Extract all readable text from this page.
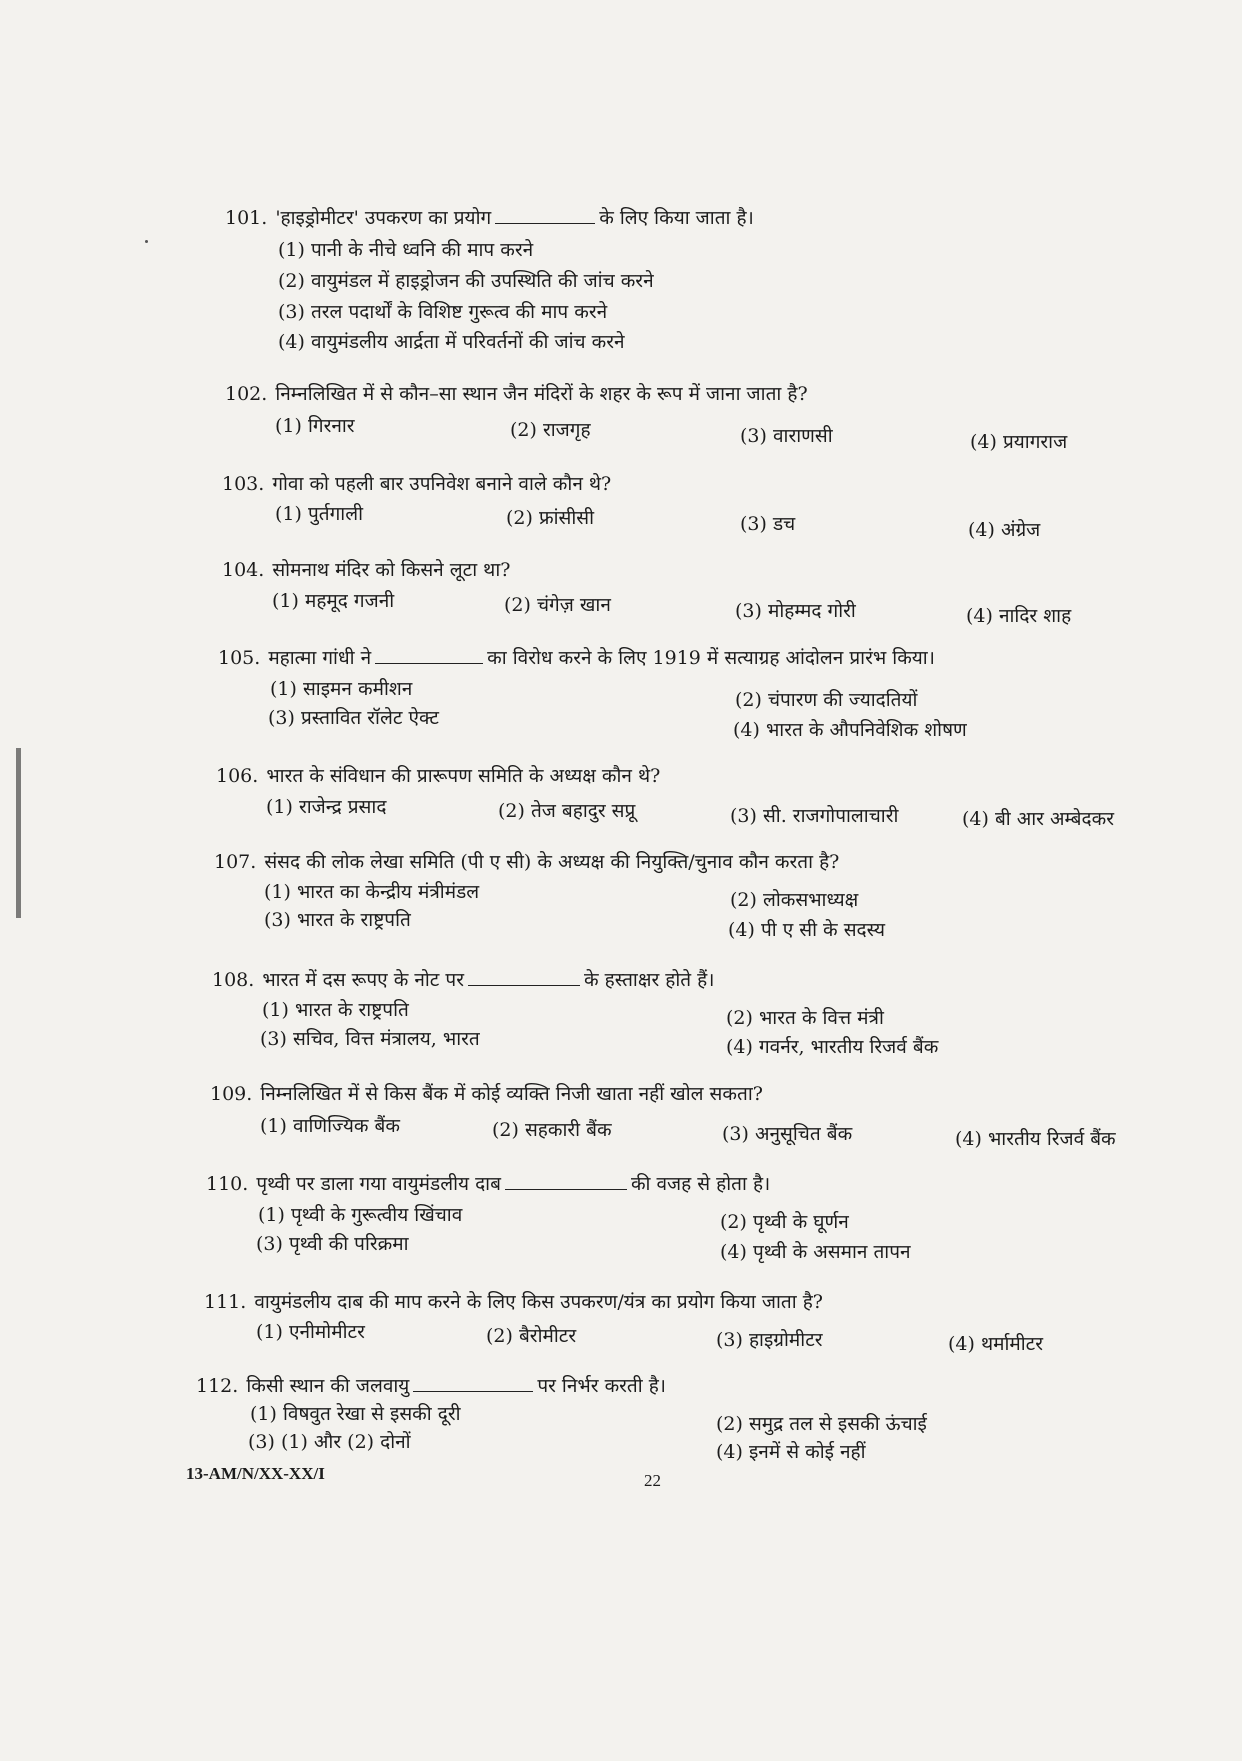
101. 'हाइड्रोमीटर' उपकरण का प्रयोग	के लिए किया जाता है।
(1) पानी के नीचे ध्वनि की माप करने
(2) वायुमंडल में हाइड्रोजन की उपस्थिति की जांच करने
(3) तरल पदार्थों के विशिष्ट गुरूत्व की माप करने
(4) वायुमंडलीय आर्द्रता में परिवर्तनों की जांच करने
102. निम्नलिखित में से कौन–सा स्थान जैन मंदिरों के शहर के रूप में जाना जाता है?
(1) गिरनार	(2) राजगृह	(3) वाराणसी	(4) प्रयागराज
103. गोवा को पहली बार उपनिवेश बनाने वाले कौन थे?
(1) पुर्तगाली	(2) फ्रांसीसी	(3) डच	(4) अंग्रेज
104. सोमनाथ मंदिर को किसने लूटा था?
(1) महमूद गजनी	(2) चंगेज़ खान	(3) मोहम्मद गोरी	(4) नादिर शाह
105. महात्मा गांधी ने	का विरोध करने के लिए 1919 में सत्याग्रह आंदोलन प्रारंभ किया।
(1) साइमन कमीशन	(2) चंपारण की ज्यादतियों
(3) प्रस्तावित रॉलेट ऐक्ट
(4) भारत के औपनिवेशिक शोषण
106. भारत के संविधान की प्रारूपण समिति के अध्यक्ष कौन थे?
(1) राजेन्द्र प्रसाद	(2) तेज बहादुर सप्रू	(3) सी. राजगोपालाचारी	(4) बी आर अम्बेदकर
107. संसद की लोक लेखा समिति (पी ए सी) के अध्यक्ष की नियुक्ति/चुनाव कौन करता है?
(1) भारत का केन्द्रीय मंत्रीमंडल	(2) लोकसभाध्यक्ष
(3) भारत के राष्ट्रपति	(4) पी ए सी के सदस्य
108. भारत में दस रूपए के नोट पर	के हस्ताक्षर होते हैं।
(1) भारत के राष्ट्रपति	(2) भारत के वित्त मंत्री
(3) सचिव, वित्त मंत्रालय, भारत	(4) गवर्नर, भारतीय रिजर्व बैंक
109. निम्नलिखित में से किस बैंक में कोई व्यक्ति निजी खाता नहीं खोल सकता?
(1) वाणिज्यिक बैंक	(2) सहकारी बैंक	(3) अनुसूचित बैंक	(4) भारतीय रिजर्व बैंक
110. पृथ्वी पर डाला गया वायुमंडलीय दाब	की वजह से होता है।
(1) पृथ्वी के गुरूत्वीय खिंचाव	(2) पृथ्वी के घूर्णन
(3) पृथ्वी की परिक्रमा	(4) पृथ्वी के असमान तापन
111. वायुमंडलीय दाब की माप करने के लिए किस उपकरण/यंत्र का प्रयोग किया जाता है?
(1) एनीमोमीटर	(2) बैरोमीटर	(3) हाइग्रोमीटर	(4) थर्मामीटर
112. किसी स्थान की जलवायु	पर निर्भर करती है।
(1) विषवुत रेखा से इसकी दूरी	(2) समुद्र तल से इसकी ऊंचाई
(3) (1) और (2) दोनों	(4) इनमें से कोई नहीं
13-AM/N/XX-XX/I	22
